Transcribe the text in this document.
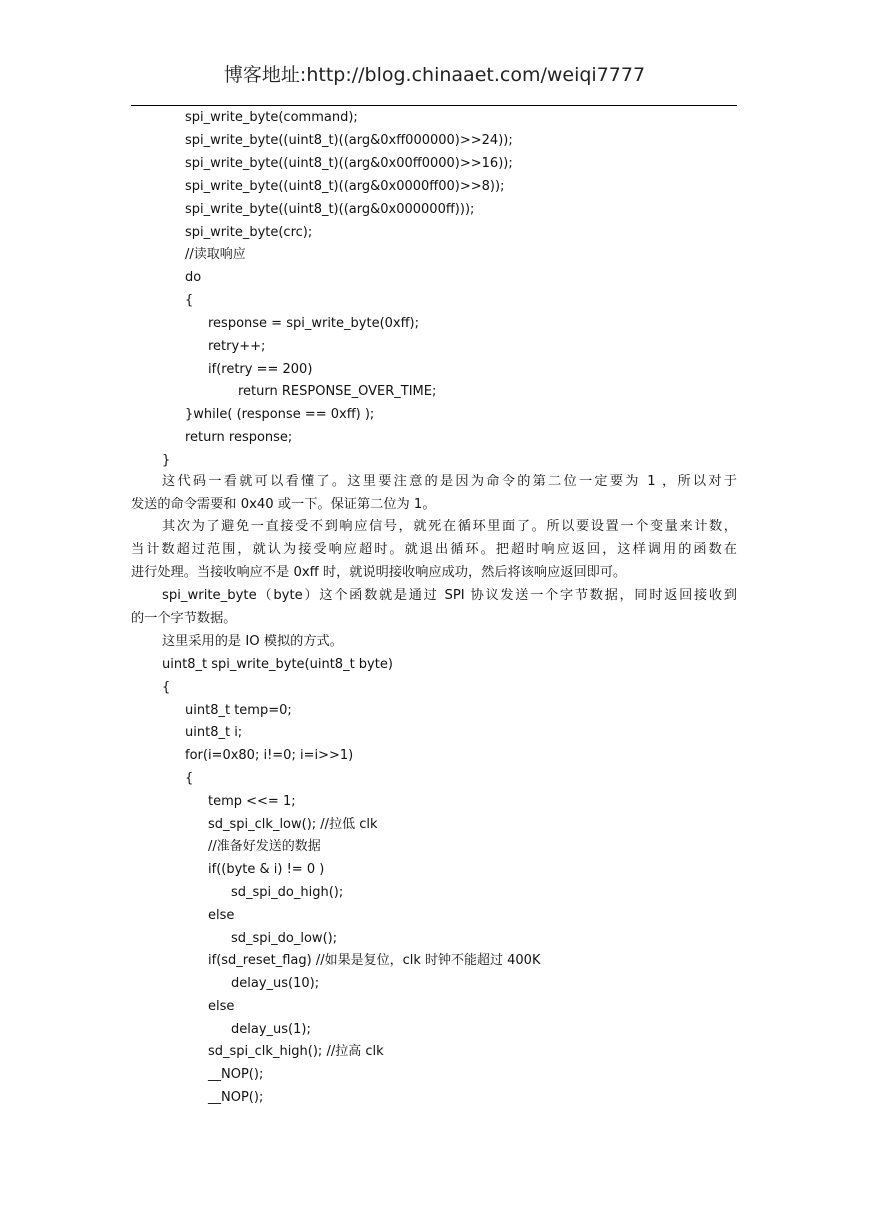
博客地址:http://blog.chinaaet.com/weiqi7777
spi_write_byte(command);
spi_write_byte((uint8_t)((arg&0xff000000)>>24));
spi_write_byte((uint8_t)((arg&0x00ff0000)>>16));
spi_write_byte((uint8_t)((arg&0x0000ff00)>>8));
spi_write_byte((uint8_t)((arg&0x000000ff)));
spi_write_byte(crc);
//读取响应
do
{
response = spi_write_byte(0xff);
retry++;
if(retry == 200)
return RESPONSE_OVER_TIME;
}while( (response == 0xff) );
return response;
}
这代码一看就可以看懂了。这里要注意的是因为命令的第二位一定要为 1 ，所以对于
发送的命令需要和 0x40 或一下。保证第二位为 1。
其次为了避免一直接受不到响应信号，就死在循环里面了。所以要设置一个变量来计数，
当计数超过范围，就认为接受响应超时。就退出循环。把超时响应返回，这样调用的函数在
进行处理。当接收响应不是 0xff 时，就说明接收响应成功，然后将该响应返回即可。
spi_write_byte（byte）这个函数就是通过 SPI 协议发送一个字节数据，同时返回接收到
的一个字节数据。
这里采用的是 IO 模拟的方式。
uint8_t spi_write_byte(uint8_t byte)
{
uint8_t temp=0;
uint8_t i;
for(i=0x80; i!=0; i=i>>1)
{
temp <<= 1;
sd_spi_clk_low(); //拉低 clk
//准备好发送的数据
if((byte & i) != 0 )
sd_spi_do_high();
else
sd_spi_do_low();
if(sd_reset_flag) //如果是复位，clk 时钟不能超过 400K
delay_us(10);
else
delay_us(1);
sd_spi_clk_high(); //拉高 clk
__NOP();
__NOP();
